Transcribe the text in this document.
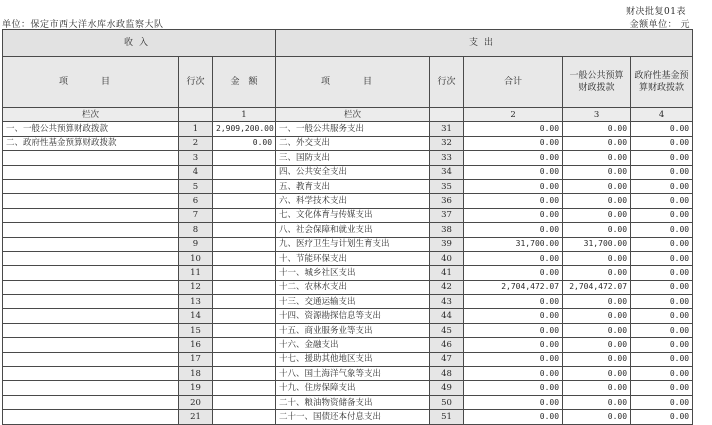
财决批复01表
单位：保定市西大洋水库水政监察大队	金额单位： 元
收入			支出				
项　目	行次	金　额	项　目	行次	合计	一般公共预算财政拨款	政府性基金预算财政拨款
栏次		1	栏次		2	3	4
一、一般公共预算财政拨款	1	2,909,200.00	一、一般公共服务支出	31	0.00	0.00	0.00
二、政府性基金预算财政拨款	2	0.00	二、外交支出	32	0.00	0.00	0.00
	3		三、国防支出	33	0.00	0.00	0.00
	4		四、公共安全支出	34	0.00	0.00	0.00
	5		五、教育支出	35	0.00	0.00	0.00
	6		六、科学技术支出	36	0.00	0.00	0.00
	7		七、文化体育与传媒支出	37	0.00	0.00	0.00
	8		八、社会保障和就业支出	38	0.00	0.00	0.00
	9		九、医疗卫生与计划生育支出	39	31,700.00	31,700.00	0.00
	10		十、节能环保支出	40	0.00	0.00	0.00
	11		十一、城乡社区支出	41	0.00	0.00	0.00
	12		十二、农林水支出	42	2,704,472.07	2,704,472.07	0.00
	13		十三、交通运输支出	43	0.00	0.00	0.00
	14		十四、资源勘探信息等支出	44	0.00	0.00	0.00
	15		十五、商业服务业等支出	45	0.00	0.00	0.00
	16		十六、金融支出	46	0.00	0.00	0.00
	17		十七、援助其他地区支出	47	0.00	0.00	0.00
	18		十八、国土海洋气象等支出	48	0.00	0.00	0.00
	19		十九、住房保障支出	49	0.00	0.00	0.00
	20		二十、粮油物资储备支出	50	0.00	0.00	0.00
	21		二十一、国债还本付息支出	51	0.00	0.00	0.00
